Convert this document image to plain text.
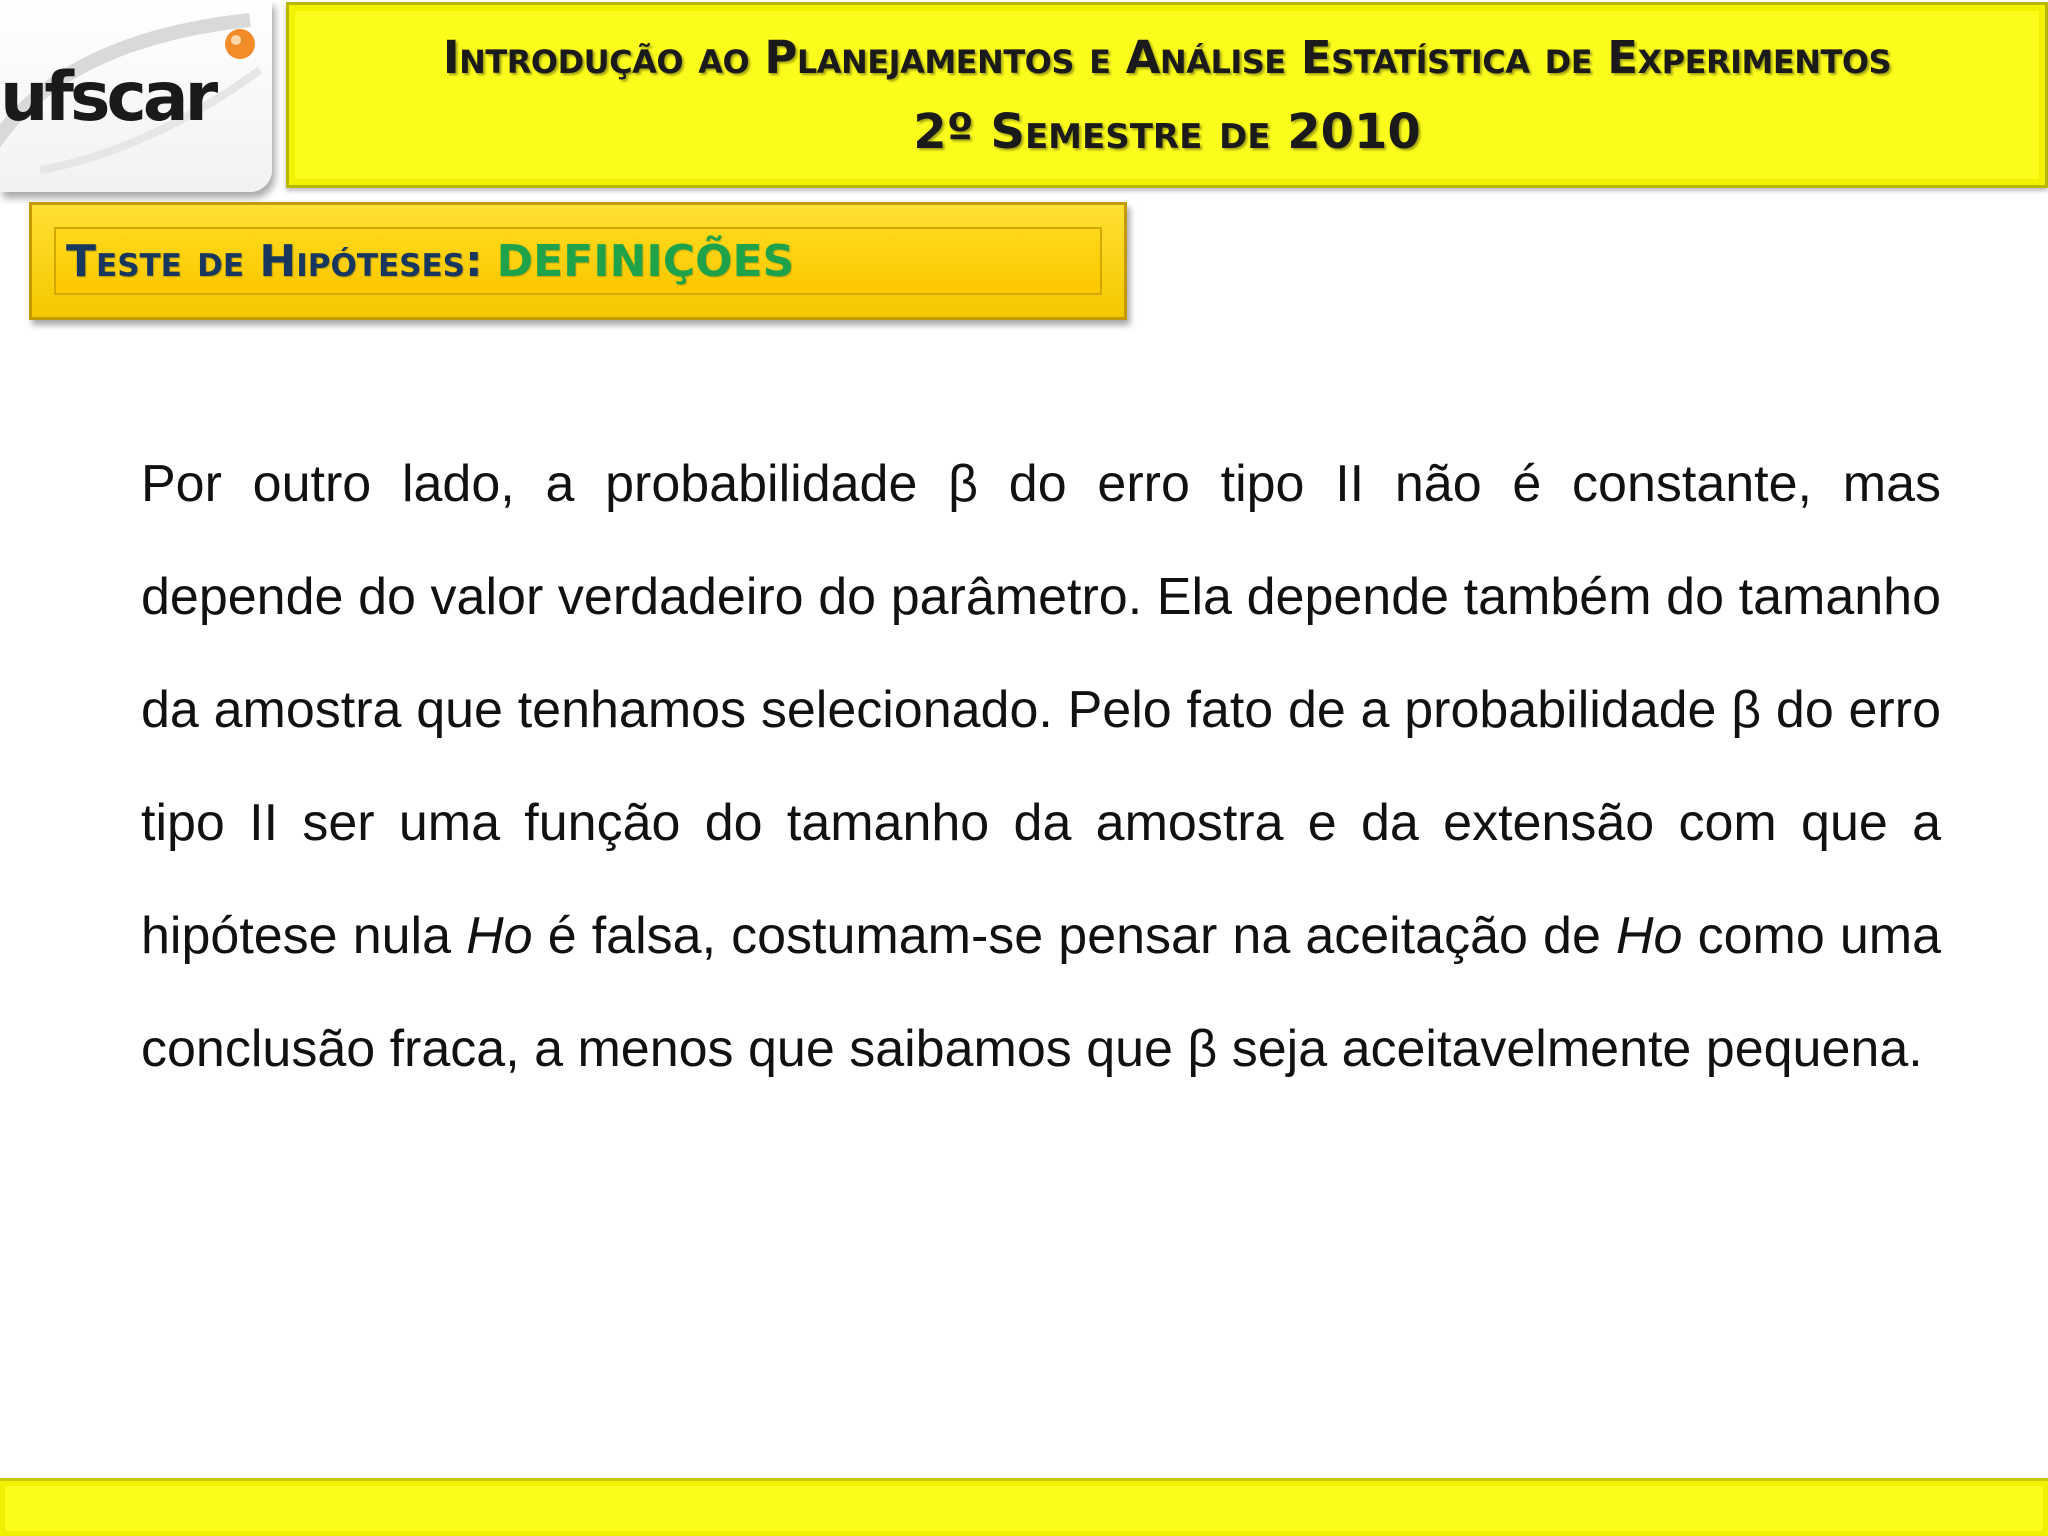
ufscar
Introdução ao Planejamentos e Análise Estatística de Experimentos
2º Semestre de 2010
Teste de Hipóteses: DEFINIÇÕES

Por outro lado, a probabilidade β do erro tipo II não é constante, mas depende do valor verdadeiro do parâmetro. Ela depende também do tamanho da amostra que tenhamos selecionado. Pelo fato de a probabilidade β do erro tipo II ser uma função do tamanho da amostra e da extensão com que a hipótese nula Ho é falsa, costumam-se pensar na aceitação de Ho como uma conclusão fraca, a menos que saibamos que β seja aceitavelmente pequena.
